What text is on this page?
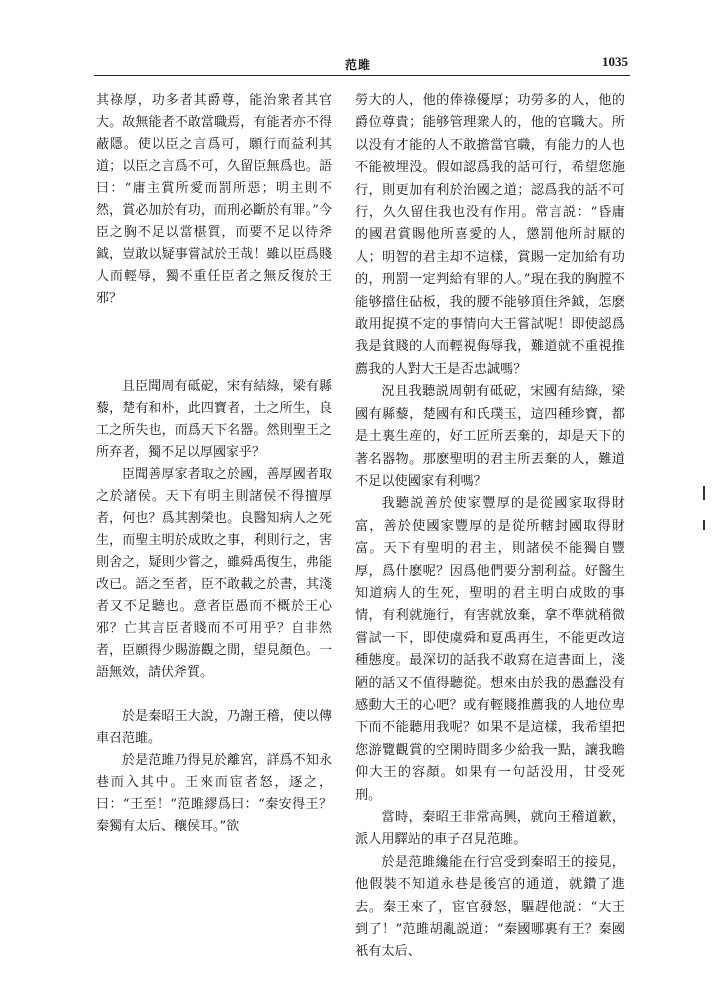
范雎	1035

其祿厚，功多者其爵尊，能治衆者其官大。故無能者不敢當職焉，有能者亦不得蔽隱。使以臣之言爲可，願行而益利其道；以臣之言爲不可，久留臣無爲也。語曰：“庸主賞所愛而罰所惡；明主則不然，賞必加於有功，而刑必斷於有罪。”今臣之胸不足以當椹質，而要不足以待斧鉞，豈敢以疑事嘗試於王哉！雖以臣爲賤人而輕辱，獨不重任臣者之無反復於王邪？

且臣聞周有砥砨，宋有結綠，梁有縣藜，楚有和朴，此四寶者，土之所生，良工之所失也，而爲天下名器。然則聖王之所弃者，獨不足以厚國家乎？

臣聞善厚家者取之於國，善厚國者取之於諸侯。天下有明主則諸侯不得擅厚者，何也？爲其割榮也。良醫知病人之死生，而聖主明於成敗之事，利則行之，害則舍之，疑則少嘗之，雖舜禹復生，弗能改已。語之至者，臣不敢載之於書，其淺者又不足聽也。意者臣愚而不概於王心邪？亡其言臣者賤而不可用乎？自非然者，臣願得少賜游觀之閒，望見顏色。一語無效，請伏斧質。

於是秦昭王大說，乃謝王稽，使以傳車召范雎。

於是范雎乃得見於離宮，詳爲不知永巷而入其中。王來而宦者怒，逐之，曰：“王至！”范雎繆爲曰：“秦安得王？秦獨有太后、穰侯耳。”欲

勞大的人，他的俸祿優厚；功勞多的人，他的爵位尊貴；能够管理衆人的，他的官職大。所以没有才能的人不敢擔當官職，有能力的人也不能被埋没。假如認爲我的話可行，希望您施行，則更加有利於治國之道；認爲我的話不可行，久久留住我也没有作用。常言説：“昏庸的國君賞賜他所喜愛的人，懲罰他所討厭的人；明智的君主却不這樣，賞賜一定加給有功的，刑罰一定判給有罪的人。”現在我的胸膛不能够擋住砧板，我的腰不能够頂住斧鉞，怎麽敢用捉摸不定的事情向大王嘗試呢！即使認爲我是貧賤的人而輕視侮辱我，難道就不重視推薦我的人對大王是否忠誠嗎？

況且我聽説周朝有砥砨，宋國有結綠，梁國有縣藜，楚國有和氏璞玉，這四種珍寶，都是土裏生産的，好工匠所丟棄的，却是天下的著名器物。那麽聖明的君主所丟棄的人，難道不足以使國家有利嗎？

我聽説善於使家豐厚的是從國家取得財富，善於使國家豐厚的是從所轄封國取得財富。天下有聖明的君主，則諸侯不能獨自豐厚，爲什麽呢？因爲他們要分割利益。好醫生知道病人的生死，聖明的君主明白成敗的事情，有利就施行，有害就放棄，拿不準就稍微嘗試一下，即使虞舜和夏禹再生，不能更改這種態度。最深切的話我不敢寫在這書面上，淺陋的話又不值得聽從。想來由於我的愚蠢没有感動大王的心吧？或有輕賤推薦我的人地位卑下而不能聽用我呢？如果不是這樣，我希望把您游覽觀賞的空閑時間多少給我一點，讓我瞻仰大王的容顏。如果有一句話没用，甘受死刑。

當時，秦昭王非常高興，就向王稽道歉，派人用驛站的車子召見范雎。

於是范雎纔能在行宫受到秦昭王的接見，他假裝不知道永巷是後宫的通道，就鑽了進去。秦王來了，宦官發怒，驅趕他説：“大王到了！”范雎胡亂説道：“秦國哪裏有王？秦國衹有太后、
